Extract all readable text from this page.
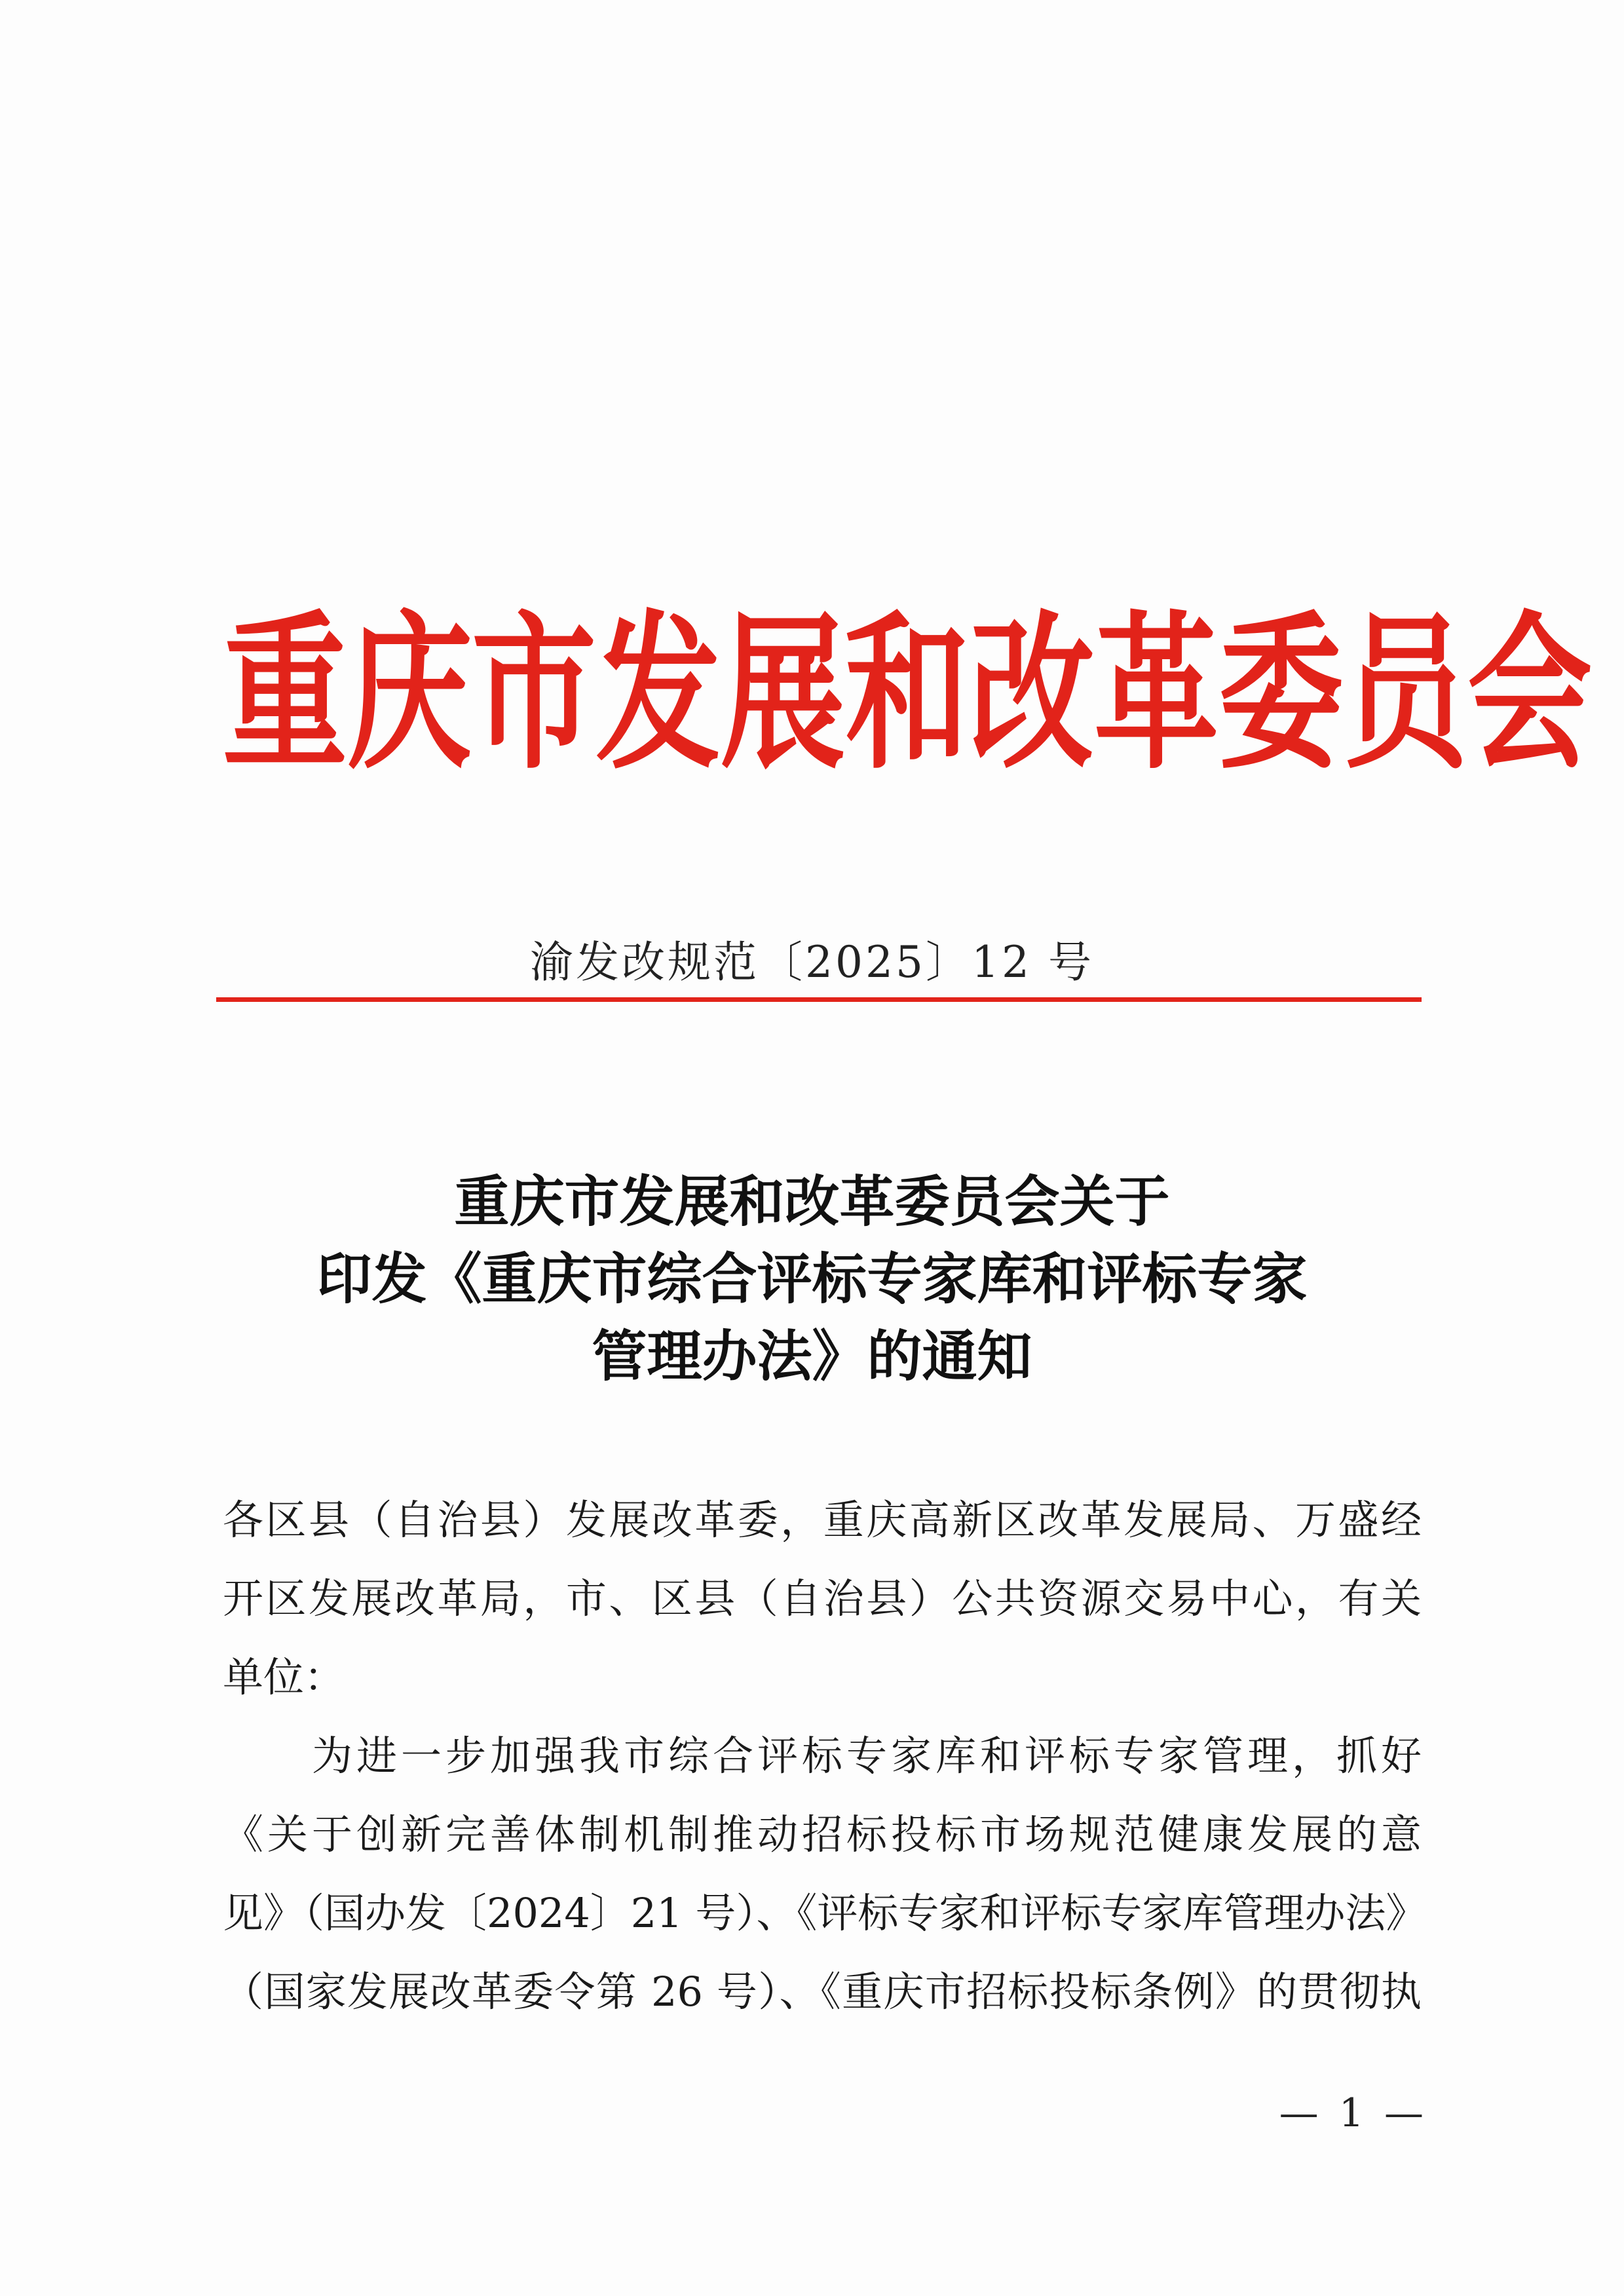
重 庆 市 发 展 和 改 革 委 员 会
渝发改规范〔2025〕12 号
重庆市发展和改革委员会关于
印发《重庆市综合评标专家库和评标专家
管理办法》的通知
各区县（自治县）发展改革委，重庆高新区改革发展局、万盛经
开区发展改革局，市、区县（自治县）公共资源交易中心，有关
单位：
　　为进一步加强我市综合评标专家库和评标专家管理，抓好
《关于创新完善体制机制推动招标投标市场规范健康发展的意
见》（国办发〔2024〕21 号）、《评标专家和评标专家库管理办法》
（国家发展改革委令第 26 号）、《重庆市招标投标条例》的贯彻执
— 1 —
